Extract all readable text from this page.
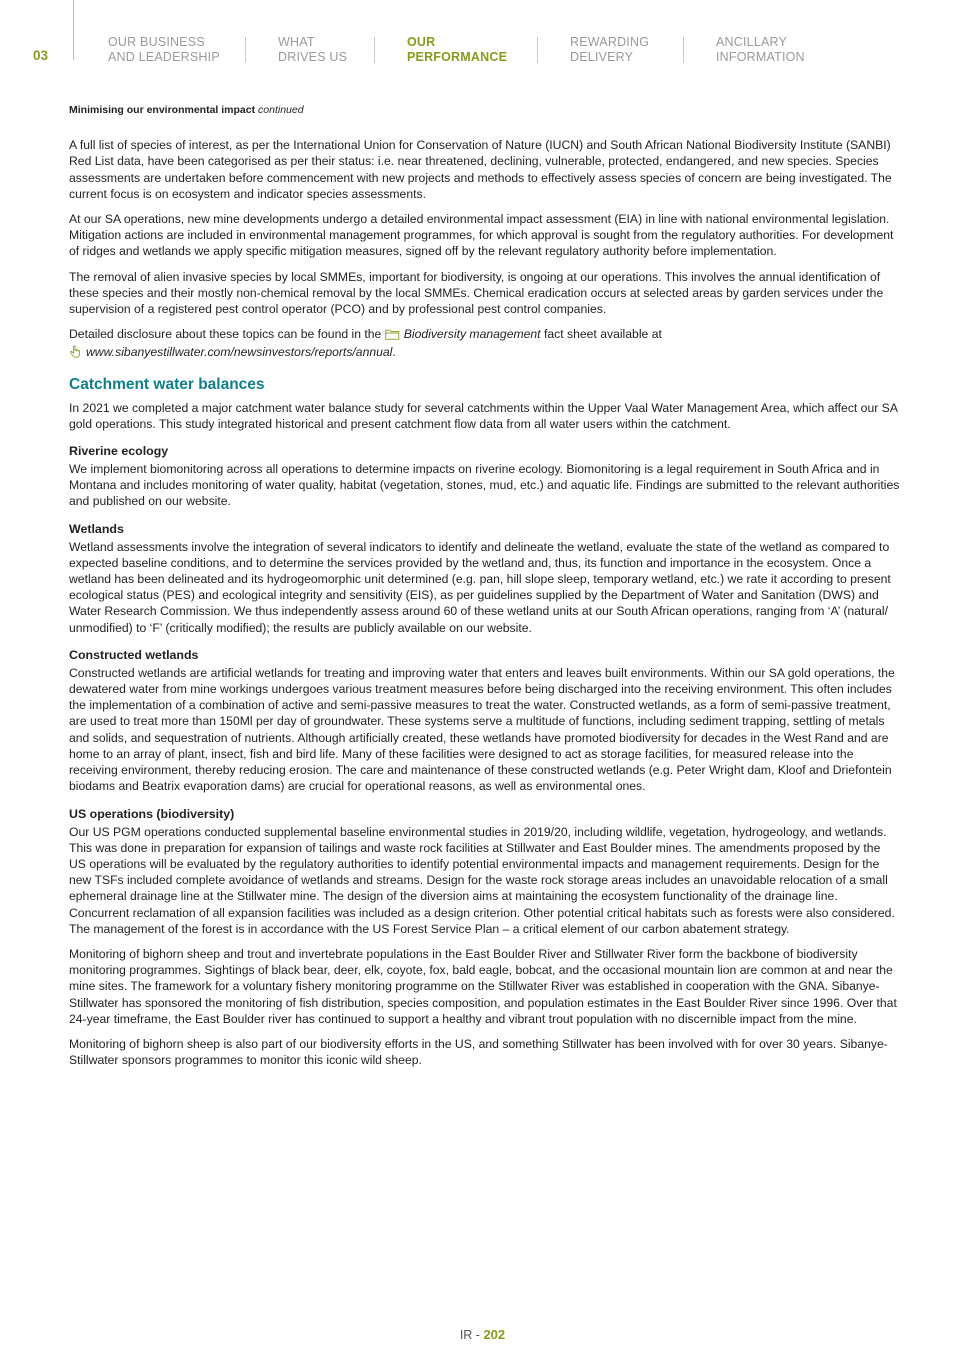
03
OUR BUSINESS
AND LEADERSHIP
WHAT
DRIVES US
OUR
PERFORMANCE
REWARDING
DELIVERY
ANCILLARY
INFORMATION
Minimising our environmental impact continued

A full list of species of interest, as per the International Union for Conservation of Nature (IUCN) and South African National Biodiversity Institute (SANBI) Red List data, have been categorised as per their status: i.e. near threatened, declining, vulnerable, protected, endangered, and new species. Species assessments are undertaken before commencement with new projects and methods to effectively assess species of concern are being investigated. The current focus is on ecosystem and indicator species assessments.

At our SA operations, new mine developments undergo a detailed environmental impact assessment (EIA) in line with national environmental legislation. Mitigation actions are included in environmental management programmes, for which approval is sought from the regulatory authorities. For development of ridges and wetlands we apply specific mitigation measures, signed off by the relevant regulatory authority before implementation.

The removal of alien invasive species by local SMMEs, important for biodiversity, is ongoing at our operations. This involves the annual identification of these species and their mostly non-chemical removal by the local SMMEs. Chemical eradication occurs at selected areas by garden services under the supervision of a registered pest control operator (PCO) and by professional pest control companies.

Detailed disclosure about these topics can be found in the Biodiversity management fact sheet available at
www.sibanyestillwater.com/newsinvestors/reports/annual.

Catchment water balances

In 2021 we completed a major catchment water balance study for several catchments within the Upper Vaal Water Management Area, which affect our SA gold operations. This study integrated historical and present catchment flow data from all water users within the catchment.

Riverine ecology

We implement biomonitoring across all operations to determine impacts on riverine ecology. Biomonitoring is a legal requirement in South Africa and in Montana and includes monitoring of water quality, habitat (vegetation, stones, mud, etc.) and aquatic life. Findings are submitted to the relevant authorities and published on our website.

Wetlands

Wetland assessments involve the integration of several indicators to identify and delineate the wetland, evaluate the state of the wetland as compared to expected baseline conditions, and to determine the services provided by the wetland and, thus, its function and importance in the ecosystem. Once a wetland has been delineated and its hydrogeomorphic unit determined (e.g. pan, hill slope sleep, temporary wetland, etc.) we rate it according to present ecological status (PES) and ecological integrity and sensitivity (EIS), as per guidelines supplied by the Department of Water and Sanitation (DWS) and Water Research Commission. We thus independently assess around 60 of these wetland units at our South African operations, ranging from ‘A’ (natural/ unmodified) to ‘F’ (critically modified); the results are publicly available on our website.

Constructed wetlands

Constructed wetlands are artificial wetlands for treating and improving water that enters and leaves built environments. Within our SA gold operations, the dewatered water from mine workings undergoes various treatment measures before being discharged into the receiving environment. This often includes the implementation of a combination of active and semi-passive measures to treat the water. Constructed wetlands, as a form of semi-passive treatment, are used to treat more than 150Ml per day of groundwater. These systems serve a multitude of functions, including sediment trapping, settling of metals and solids, and sequestration of nutrients. Although artificially created, these wetlands have promoted biodiversity for decades in the West Rand and are home to an array of plant, insect, fish and bird life. Many of these facilities were designed to act as storage facilities, for measured release into the receiving environment, thereby reducing erosion. The care and maintenance of these constructed wetlands (e.g. Peter Wright dam, Kloof and Driefontein biodams and Beatrix evaporation dams) are crucial for operational reasons, as well as environmental ones.

US operations (biodiversity)

Our US PGM operations conducted supplemental baseline environmental studies in 2019/20, including wildlife, vegetation, hydrogeology, and wetlands. This was done in preparation for expansion of tailings and waste rock facilities at Stillwater and East Boulder mines. The amendments proposed by the US operations will be evaluated by the regulatory authorities to identify potential environmental impacts and management requirements. Design for the new TSFs included complete avoidance of wetlands and streams. Design for the waste rock storage areas includes an unavoidable relocation of a small ephemeral drainage line at the Stillwater mine. The design of the diversion aims at maintaining the ecosystem functionality of the drainage line. Concurrent reclamation of all expansion facilities was included as a design criterion. Other potential critical habitats such as forests were also considered. The management of the forest is in accordance with the US Forest Service Plan – a critical element of our carbon abatement strategy.

Monitoring of bighorn sheep and trout and invertebrate populations in the East Boulder River and Stillwater River form the backbone of biodiversity monitoring programmes. Sightings of black bear, deer, elk, coyote, fox, bald eagle, bobcat, and the occasional mountain lion are common at and near the mine sites. The framework for a voluntary fishery monitoring programme on the Stillwater River was established in cooperation with the GNA. Sibanye-Stillwater has sponsored the monitoring of fish distribution, species composition, and population estimates in the East Boulder River since 1996. Over that 24-year timeframe, the East Boulder river has continued to support a healthy and vibrant trout population with no discernible impact from the mine.

Monitoring of bighorn sheep is also part of our biodiversity efforts in the US, and something Stillwater has been involved with for over 30 years. Sibanye-Stillwater sponsors programmes to monitor this iconic wild sheep.

IR - 202
